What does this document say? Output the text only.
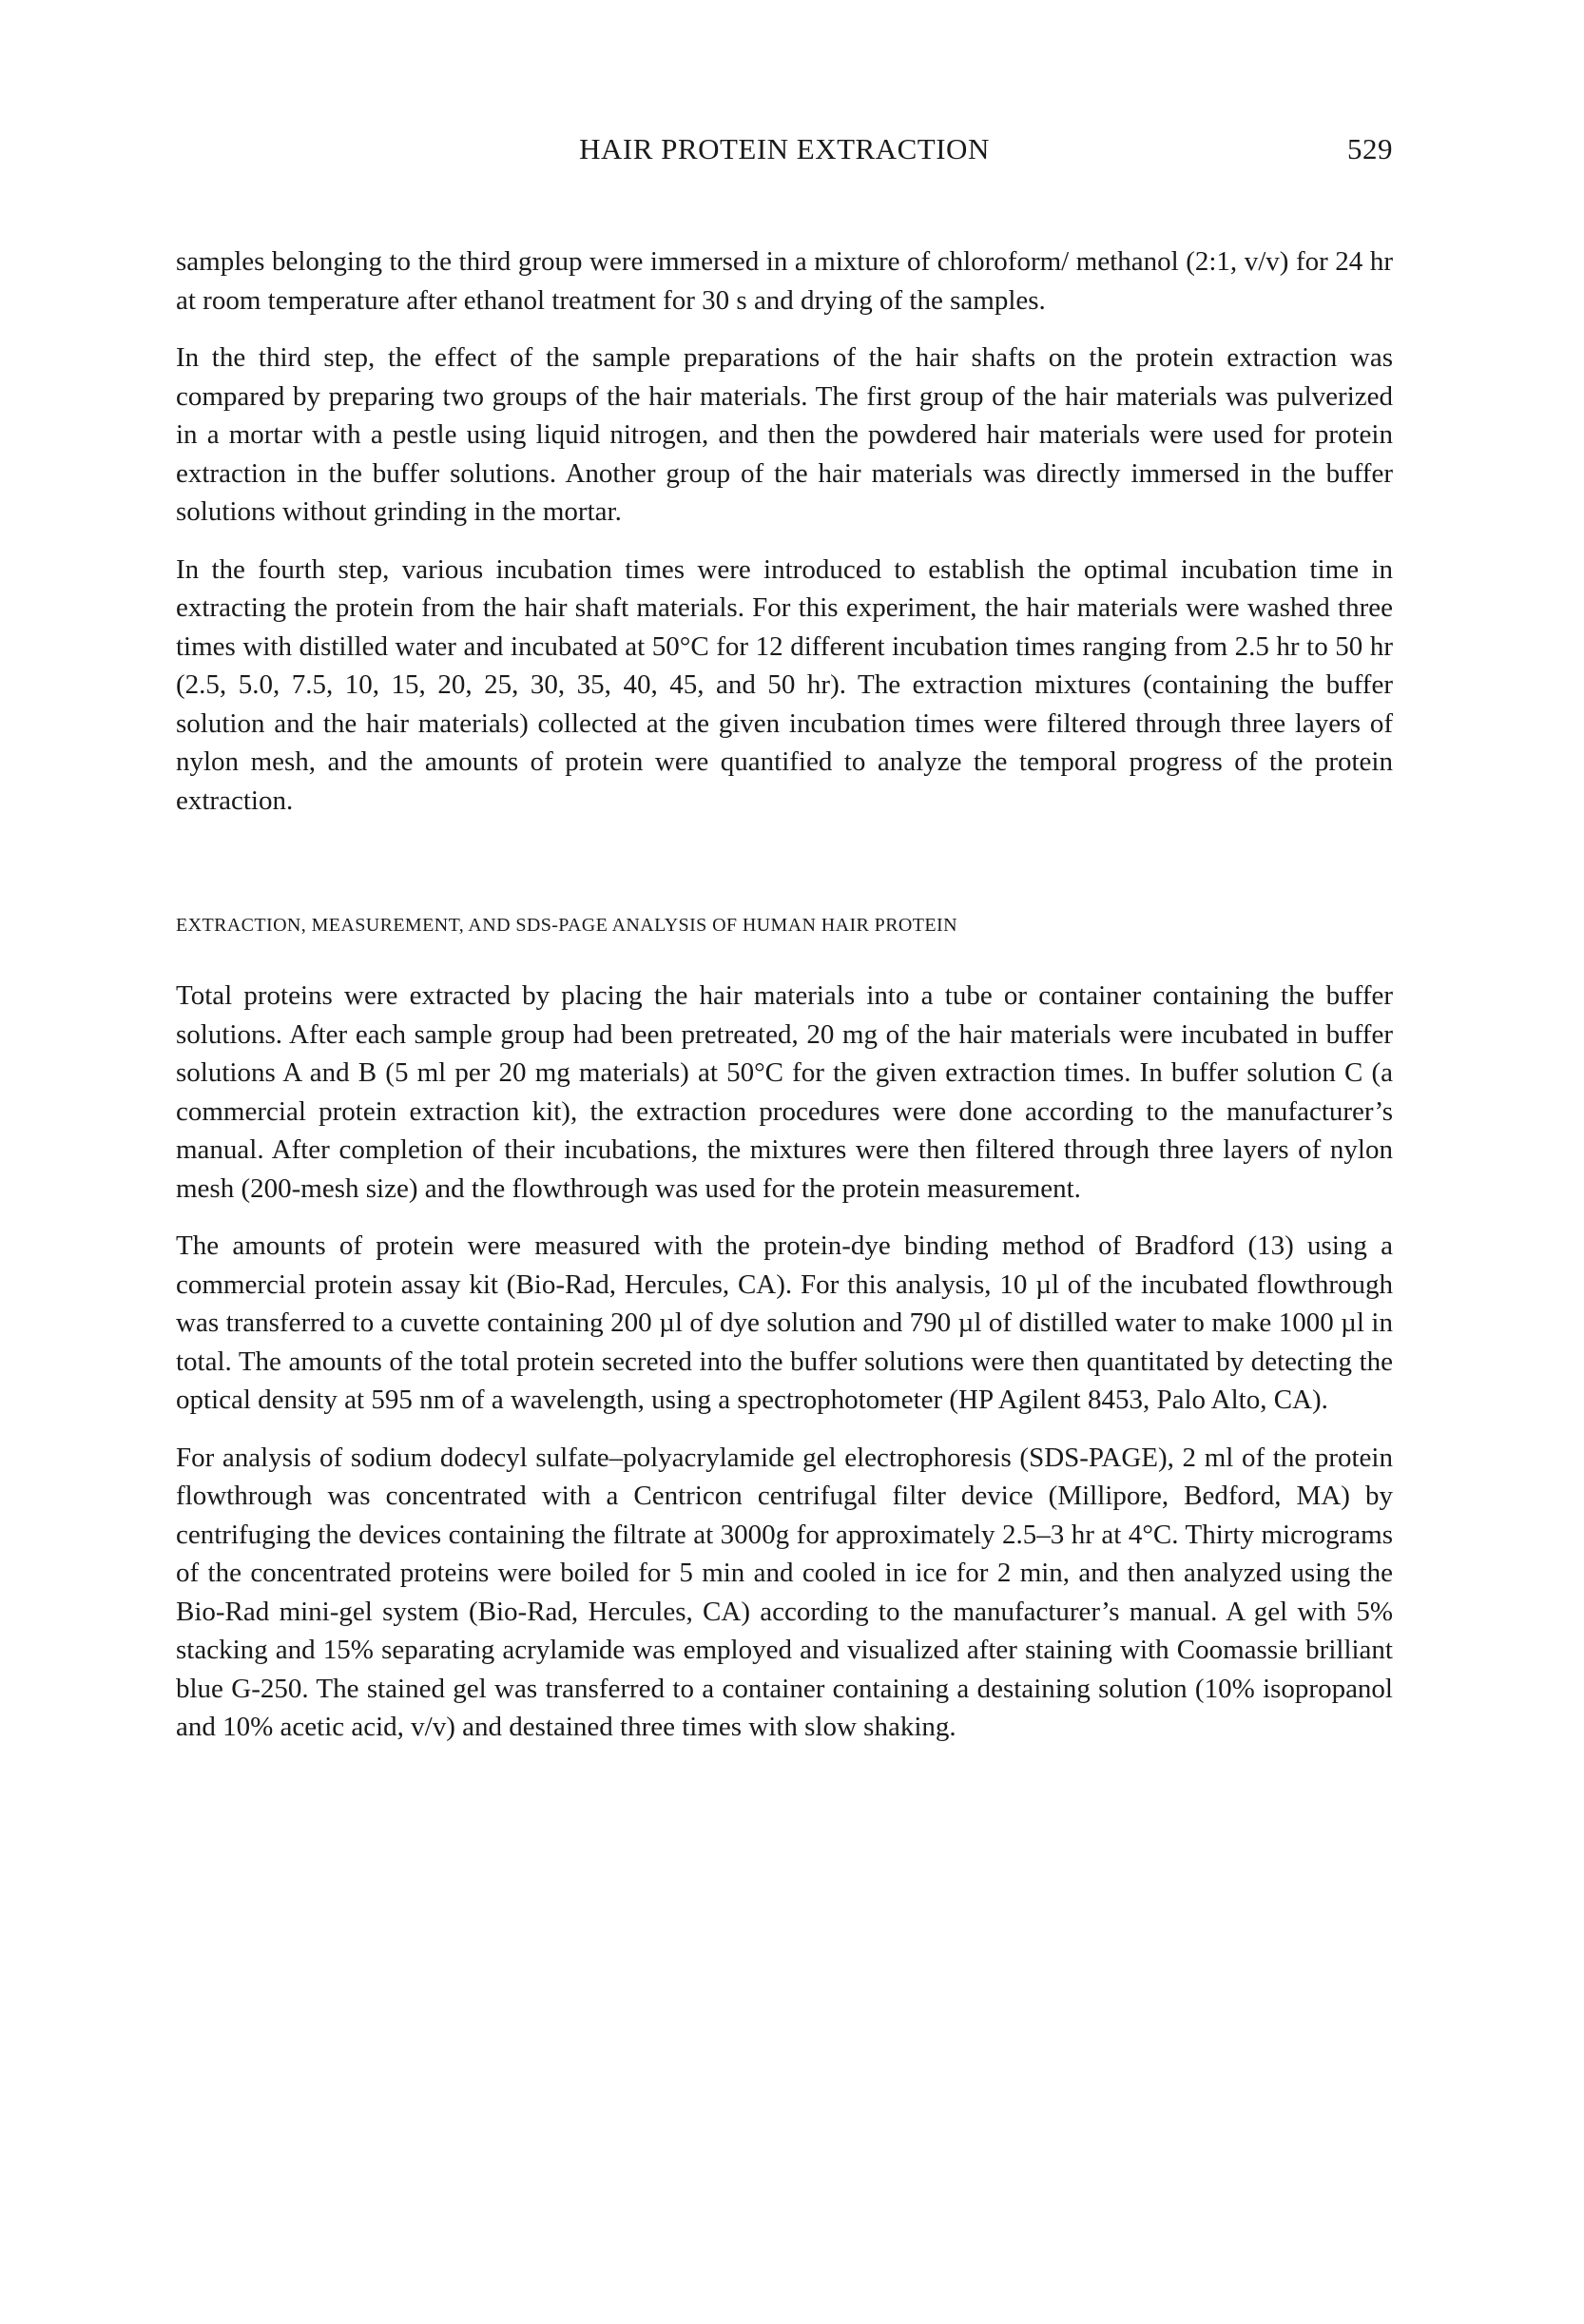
HAIR PROTEIN EXTRACTION	529

samples belonging to the third group were immersed in a mixture of chloroform/ methanol (2:1, v/v) for 24 hr at room temperature after ethanol treatment for 30 s and drying of the samples.

In the third step, the effect of the sample preparations of the hair shafts on the protein extraction was compared by preparing two groups of the hair materials. The first group of the hair materials was pulverized in a mortar with a pestle using liquid nitrogen, and then the powdered hair materials were used for protein extraction in the buffer solutions. Another group of the hair materials was directly immersed in the buffer solutions without grinding in the mortar.

In the fourth step, various incubation times were introduced to establish the optimal incubation time in extracting the protein from the hair shaft materials. For this experiment, the hair materials were washed three times with distilled water and incubated at 50°C for 12 different incubation times ranging from 2.5 hr to 50 hr (2.5, 5.0, 7.5, 10, 15, 20, 25, 30, 35, 40, 45, and 50 hr). The extraction mixtures (containing the buffer solution and the hair materials) collected at the given incubation times were filtered through three layers of nylon mesh, and the amounts of protein were quantified to analyze the temporal progress of the protein extraction.

EXTRACTION, MEASUREMENT, AND SDS-PAGE ANALYSIS OF HUMAN HAIR PROTEIN

Total proteins were extracted by placing the hair materials into a tube or container containing the buffer solutions. After each sample group had been pretreated, 20 mg of the hair materials were incubated in buffer solutions A and B (5 ml per 20 mg materials) at 50°C for the given extraction times. In buffer solution C (a commercial protein extraction kit), the extraction procedures were done according to the manufacturer’s manual. After completion of their incubations, the mixtures were then filtered through three layers of nylon mesh (200-mesh size) and the flowthrough was used for the protein measurement.

The amounts of protein were measured with the protein-dye binding method of Bradford (13) using a commercial protein assay kit (Bio-Rad, Hercules, CA). For this analysis, 10 µl of the incubated flowthrough was transferred to a cuvette containing 200 µl of dye solution and 790 µl of distilled water to make 1000 µl in total. The amounts of the total protein secreted into the buffer solutions were then quantitated by detecting the optical density at 595 nm of a wavelength, using a spectrophotometer (HP Agilent 8453, Palo Alto, CA).

For analysis of sodium dodecyl sulfate–polyacrylamide gel electrophoresis (SDS-PAGE), 2 ml of the protein flowthrough was concentrated with a Centricon centrifugal filter device (Millipore, Bedford, MA) by centrifuging the devices containing the filtrate at 3000g for approximately 2.5–3 hr at 4°C. Thirty micrograms of the concentrated proteins were boiled for 5 min and cooled in ice for 2 min, and then analyzed using the Bio-Rad mini-gel system (Bio-Rad, Hercules, CA) according to the manufacturer’s manual. A gel with 5% stacking and 15% separating acrylamide was employed and visualized after staining with Coomassie brilliant blue G-250. The stained gel was transferred to a container containing a destaining solution (10% isopropanol and 10% acetic acid, v/v) and destained three times with slow shaking.
